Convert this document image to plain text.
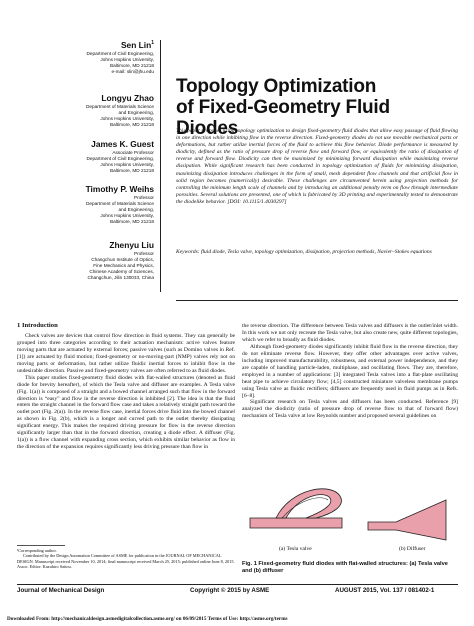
Sen Lin$^1$
Department of Civil Engineering,
Johns Hopkins University,
Baltimore, MD 21218
e-mail: slin@jhu.edu
Longyu Zhao
Department of Materials Science
and Engineering,
Johns Hopkins University,
Baltimore, MD 21218
James K. Guest
Associate Professor
Department of Civil Engineering,
Johns Hopkins University,
Baltimore, MD 21218
Timothy P. Weihs
Professor
Department of Materials Science
and Engineering,
Johns Hopkins University,
Baltimore, MD 21218
Zhenyu Liu
Professor
Changchun Institute of Optics,
Fine Mechanics and Physics,
Chinese Academy of Sciences,
Changchun, Jilin 130033, China
Topology Optimization
of Fixed-Geometry Fluid Diodes
This paper proposes using topology optimization to design fixed-geometry fluid diodes that allow easy passage of fluid flowing in one direction while inhibiting flow in the reverse direction. Fixed-geometry diodes do not use movable mechanical parts or deformations, but rather utilize inertial forces of the fluid to achieve this flow behavior. Diode performance is measured by diodicity, defined as the ratio of pressure drop of reverse flow and forward flow, or equivalently the ratio of dissipation of reverse and forward flow. Diodicity can then be maximized by minimizing forward dissipation while maximizing reverse dissipation. While significant research has been conducted in topology optimization of fluids for minimizing dissipation, maximizing dissipation introduces challenges in the form of small, mesh dependent flow channels and that artificial flow in solid region becomes (numerically) desirable. These challenges are circumvented herein using projection methods for controlling the minimum length scale of channels and by introducing an additional penalty term on flow through intermediate porosities. Several solutions are presented, one of which is fabricated by 3D printing and experimentally tested to demonstrate the diodelike behavior. [DOI: 10.1115/1.4030297]
Keywords: fluid diode, Tesla valve, topology optimization, dissipation, projection methods, Navier–Stokes equations
1 Introduction

Check valves are devices that control flow direction in fluid systems. They can generally be grouped into three categories according to their actuation mechanism: active valves feature moving parts that are actuated by external forces; passive valves (such as Domino valves in Ref. [1]) are actuated by fluid motion; fixed-geometry or no-moving-part (NMP) valves rely not on moving parts or deformation, but rather utilize fluidic inertial forces to inhibit flow in the undesirable direction. Passive and fixed-geometry valves are often referred to as fluid diodes.

This paper studies fixed-geometry fluid diodes with flat-walled structures (denoted as fluid diode for brevity hereafter), of which the Tesla valve and diffuser are examples. A Tesla valve (Fig. 1(a)) is composed of a straight and a bowed channel arranged such that flow in the forward direction is “easy” and flow in the reverse direction is inhibited [2]. The idea is that the fluid enters the straight channel in the forward flow case and takes a relatively straight path toward the outlet port (Fig. 2(a)). In the reverse flow case, inertial forces drive fluid into the bowed channel as shown in Fig. 2(b), which is a longer and curved path to the outlet thereby dissipating significant energy. This makes the required driving pressure for flow in the reverse direction significantly larger than that in the forward direction, creating a diode effect. A diffuser (Fig. 1(a)) is a flow channel with expanding cross section, which exhibits similar behavior as flow in the direction of the expansion requires significantly less driving pressure than flow in

¹Corresponding author.
Contributed by the Design Automation Committee of ASME for publication in the JOURNAL OF MECHANICAL DESIGN. Manuscript received November 10, 2014; final manuscript received March 25, 2015; published online June 8, 2015. Assoc. Editor: Kazuhiro Saitou.

the reverse direction. The difference between Tesla valves and diffusers is the outlet/inlet width. In this work we not only recreate the Tesla valve, but also create new, quite different topologies, which we refer to broadly as fluid diodes.

Although fixed-geometry diodes significantly inhibit fluid flow in the reverse direction, they do not eliminate reverse flow. However, they offer other advantages over active valves, including improved manufacturability, robustness, and external power independence, and they are capable of handling particle-laden, multiphase, and oscillating flows. They are, therefore, employed in a number of applications: [3] integrated Tesla valves into a flat-plate oscillating heat pipe to achieve circulatory flow; [4,5] constructed miniature valveless membrane pumps using Tesla valve as fluidic rectifiers; diffusers are frequently used in fluid pumps as in Refs. [6–8].

Significant research on Tesla valves and diffusers has been conducted. Reference [9] analyzed the diodicity (ratio of pressure drop of reverse flow to that of forward flow) mechanism of Tesla valve at low Reynolds number and proposed several guidelines on

(a) Tesla valve	(b) Diffuser
Fig. 1 Fixed-geometry fluid diodes with flat-walled structures: (a) Tesla valve and (b) diffuser
Journal of Mechanical Design	Copyright © 2015 by ASME	AUGUST 2015, Vol. 137 / 081402-1
Downloaded From: http://mechanicaldesign.asmedigitalcollection.asme.org/ on 06/09/2015 Terms of Use: http://asme.org/terms
